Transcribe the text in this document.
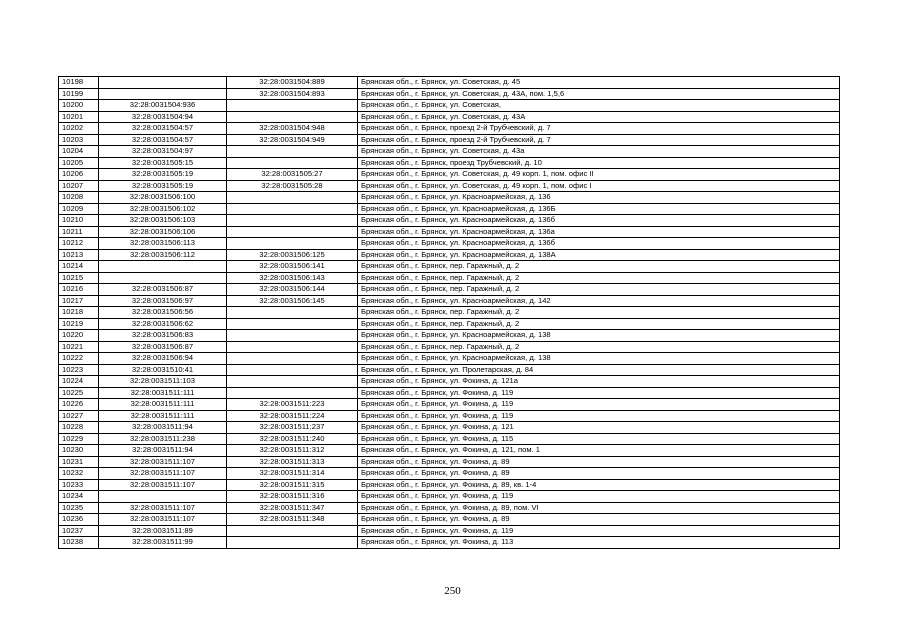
10198		32:28:0031504:889	Брянская обл., г. Брянск, ул. Советская, д. 45
10199		32:28:0031504:893	Брянская обл., г. Брянск, ул. Советская, д. 43А, пом. 1,5,6
10200	32:28:0031504:936		Брянская обл., г. Брянск, ул. Советская,
10201	32:28:0031504:94		Брянская обл., г. Брянск, ул. Советская, д. 43А
10202	32:28:0031504:57	32:28:0031504:948	Брянская обл., г. Брянск, проезд 2-й Трубчевский, д. 7
10203	32:28:0031504:57	32:28:0031504:949	Брянская обл., г. Брянск, проезд 2-й Трубчевский, д. 7
10204	32:28:0031504:97		Брянская обл., г. Брянск, ул. Советская, д. 43а
10205	32:28:0031505:15		Брянская обл., г. Брянск, проезд Трубчевский, д. 10
10206	32:28:0031505:19	32:28:0031505:27	Брянская обл., г. Брянск, ул. Советская, д. 49 корп. 1, пом. офис II
10207	32:28:0031505:19	32:28:0031505:28	Брянская обл., г. Брянск, ул. Советская, д. 49 корп. 1, пом. офис I
10208	32:28:0031506:100		Брянская обл., г. Брянск, ул. Красноармейская, д. 136
10209	32:28:0031506:102		Брянская обл., г. Брянск, ул. Красноармейская, д. 136Б
10210	32:28:0031506:103		Брянская обл., г. Брянск, ул. Красноармейская, д. 136б
10211	32:28:0031506:106		Брянская обл., г. Брянск, ул. Красноармейская, д. 136а
10212	32:28:0031506:113		Брянская обл., г. Брянск, ул. Красноармейская, д. 136б
10213	32:28:0031506:112	32:28:0031506:125	Брянская обл., г. Брянск, ул. Красноармейская, д. 138А
10214		32:28:0031506:141	Брянская обл., г. Брянск, пер. Гаражный, д. 2
10215		32:28:0031506:143	Брянская обл., г. Брянск, пер. Гаражный, д. 2
10216	32:28:0031506:87	32:28:0031506:144	Брянская обл., г. Брянск, пер. Гаражный, д. 2
10217	32:28:0031506:97	32:28:0031506:145	Брянская обл., г. Брянск, ул. Красноармейская, д. 142
10218	32:28:0031506:56		Брянская обл., г. Брянск, пер. Гаражный, д. 2
10219	32:28:0031506:62		Брянская обл., г. Брянск, пер. Гаражный, д. 2
10220	32:28:0031506:83		Брянская обл., г. Брянск, ул. Красноармейская, д. 138
10221	32:28:0031506:87		Брянская обл., г. Брянск, пер. Гаражный, д. 2
10222	32:28:0031506:94		Брянская обл., г. Брянск, ул. Красноармейская, д. 138
10223	32:28:0031510:41		Брянская обл., г. Брянск, ул. Пролетарская, д. 84
10224	32:28:0031511:103		Брянская обл., г. Брянск, ул. Фокина, д. 121а
10225	32:28:0031511:111		Брянская обл., г. Брянск, ул. Фокина, д. 119
10226	32:28:0031511:111	32:28:0031511:223	Брянская обл., г. Брянск, ул. Фокина, д. 119
10227	32:28:0031511:111	32:28:0031511:224	Брянская обл., г. Брянск, ул. Фокина, д. 119
10228	32:28:0031511:94	32:28:0031511:237	Брянская обл., г. Брянск, ул. Фокина, д. 121
10229	32:28:0031511:238	32:28:0031511:240	Брянская обл., г. Брянск, ул. Фокина, д. 115
10230	32:28:0031511:94	32:28:0031511:312	Брянская обл., г. Брянск, ул. Фокина, д. 121, пом. 1
10231	32:28:0031511:107	32:28:0031511:313	Брянская обл., г. Брянск, ул. Фокина, д. 89
10232	32:28:0031511:107	32:28:0031511:314	Брянская обл., г. Брянск, ул. Фокина, д. 89
10233	32:28:0031511:107	32:28:0031511:315	Брянская обл., г. Брянск, ул. Фокина, д. 89, кв. 1-4
10234		32:28:0031511:316	Брянская обл., г. Брянск, ул. Фокина, д. 119
10235	32:28:0031511:107	32:28:0031511:347	Брянская обл., г. Брянск, ул. Фокина, д. 89, пом. VI
10236	32:28:0031511:107	32:28:0031511:348	Брянская обл., г. Брянск, ул. Фокина, д. 89
10237	32:28:0031511:89		Брянская обл., г. Брянск, ул. Фокина, д. 119
10238	32:28:0031511:99		Брянская обл., г. Брянск, ул. Фокина, д. 113
250
